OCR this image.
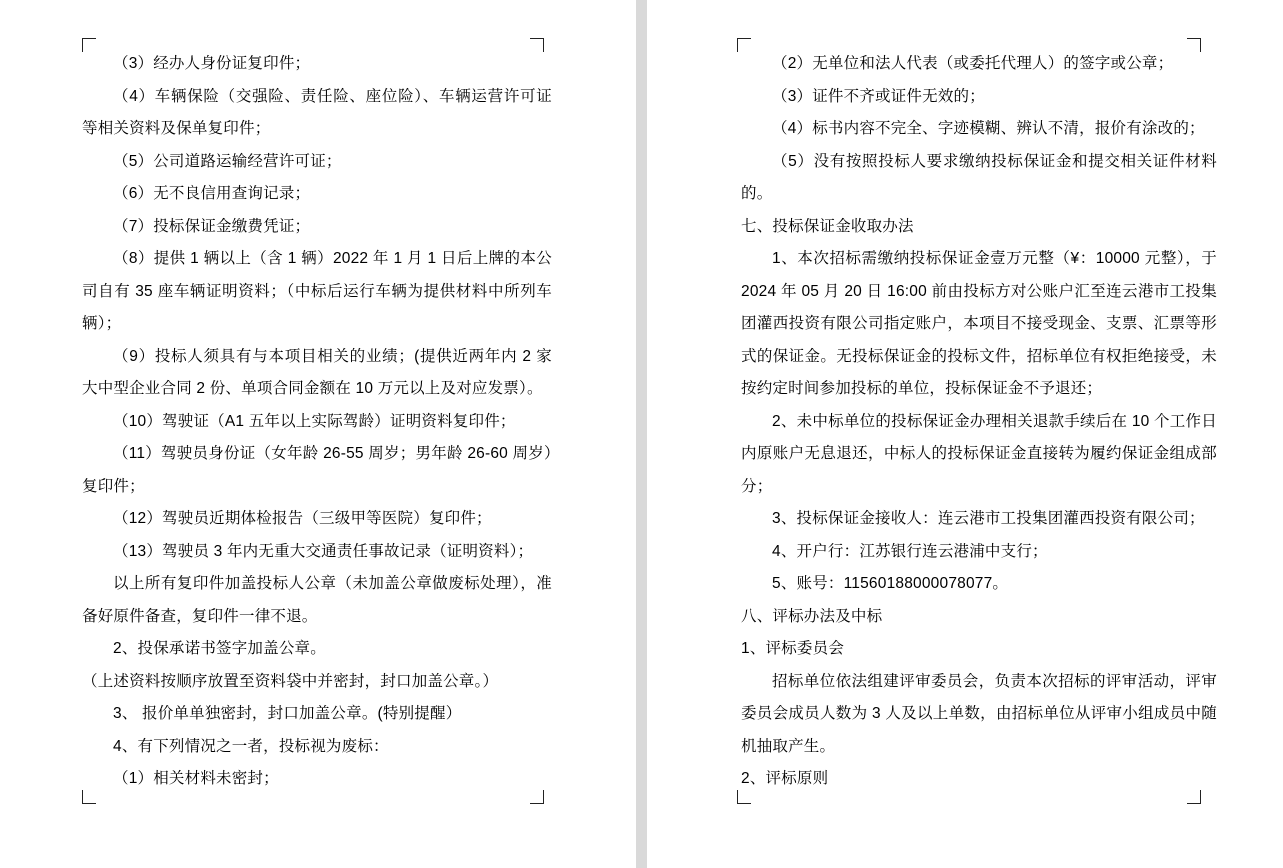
（3）经办人身份证复印件；

（4）车辆保险（交强险、责任险、座位险）、车辆运营许可证等相关资料及保单复印件；

（5）公司道路运输经营许可证；

（6）无不良信用查询记录；

（7）投标保证金缴费凭证；

（8）提供 1 辆以上（含 1 辆）2022 年 1 月 1 日后上牌的本公司自有 35 座车辆证明资料；（中标后运行车辆为提供材料中所列车辆）；

（9）投标人须具有与本项目相关的业绩；(提供近两年内 2 家大中型企业合同 2 份、单项合同金额在 10 万元以上及对应发票）。

（10）驾驶证（A1 五年以上实际驾龄）证明资料复印件；

（11）驾驶员身份证（女年龄 26-55 周岁；男年龄 26-60 周岁）复印件；

（12）驾驶员近期体检报告（三级甲等医院）复印件；

（13）驾驶员 3 年内无重大交通责任事故记录（证明资料）；

以上所有复印件加盖投标人公章（未加盖公章做废标处理），准备好原件备查，复印件一律不退。

2、投保承诺书签字加盖公章。

（上述资料按顺序放置至资料袋中并密封，封口加盖公章。）

3、 报价单单独密封，封口加盖公章。(特别提醒）

4、有下列情况之一者，投标视为废标：

（1）相关材料未密封；

（2）无单位和法人代表（或委托代理人）的签字或公章；

（3）证件不齐或证件无效的；

（4）标书内容不完全、字迹模糊、辨认不清，报价有涂改的；

（5）没有按照投标人要求缴纳投标保证金和提交相关证件材料的。

七、投标保证金收取办法

1、本次招标需缴纳投标保证金壹万元整（¥：10000 元整），于 2024 年 05 月 20 日 16:00 前由投标方对公账户汇至连云港市工投集团灌西投资有限公司指定账户，本项目不接受现金、支票、汇票等形式的保证金。无投标保证金的投标文件，招标单位有权拒绝接受，未按约定时间参加投标的单位，投标保证金不予退还；

2、未中标单位的投标保证金办理相关退款手续后在 10 个工作日内原账户无息退还，中标人的投标保证金直接转为履约保证金组成部分；

3、投标保证金接收人：连云港市工投集团灌西投资有限公司；

4、开户行：江苏银行连云港浦中支行；

5、账号：11560188000078077。

八、评标办法及中标

1、评标委员会

招标单位依法组建评审委员会，负责本次招标的评审活动，评审委员会成员人数为 3 人及以上单数，由招标单位从评审小组成员中随机抽取产生。

2、评标原则
